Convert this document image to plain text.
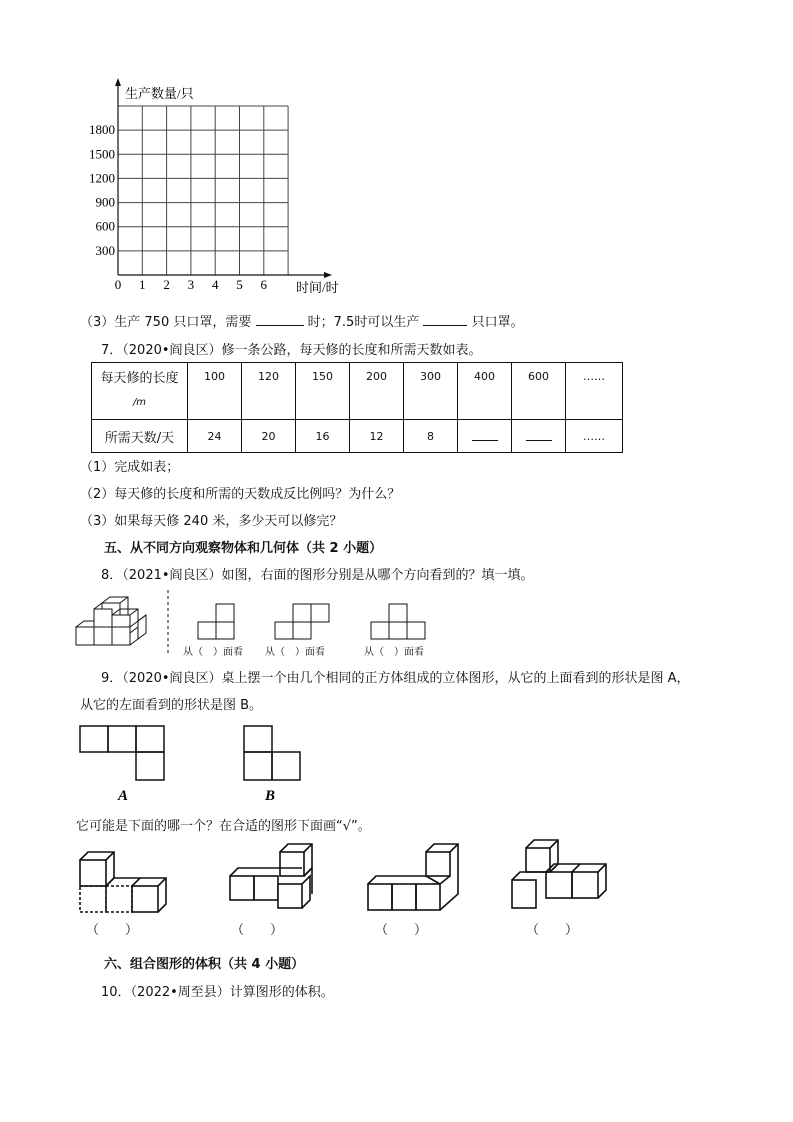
生产数量/只
时间/时
0 1 2 3 4 5 6
300
600
900
1200
1500
1800
（3）生产 750 只口罩，需要	时；7.5时可以生产	只口罩。
7．（2020•阎良区）修一条公路，每天修的长度和所需天数如表。
每天修的长度
/m	100	120	150	200	300	400	600	……
所需天数/天	24	20	16	12	8			……
（1）完成如表；
（2）每天修的长度和所需的天数成反比例吗？为什么？
（3）如果每天修 240 米，多少天可以修完？
五、从不同方向观察物体和几何体（共 2 小题）
8．（2021•阎良区）如图，右面的图形分别是从哪个方向看到的？填一填。
从（　）面看 从（　）面看	从（　）面看
9．（2020•阎良区）桌上摆一个由几个相同的正方体组成的立体图形，从它的上面看到的形状是图 A，
从它的左面看到的形状是图 B。
A	B
它可能是下面的哪一个？在合适的图形下面画“√”。
（　　）	（　　）	（　　）	（　　）
六、组合图形的体积（共 4 小题）
10．（2022•周至县）计算图形的体积。
